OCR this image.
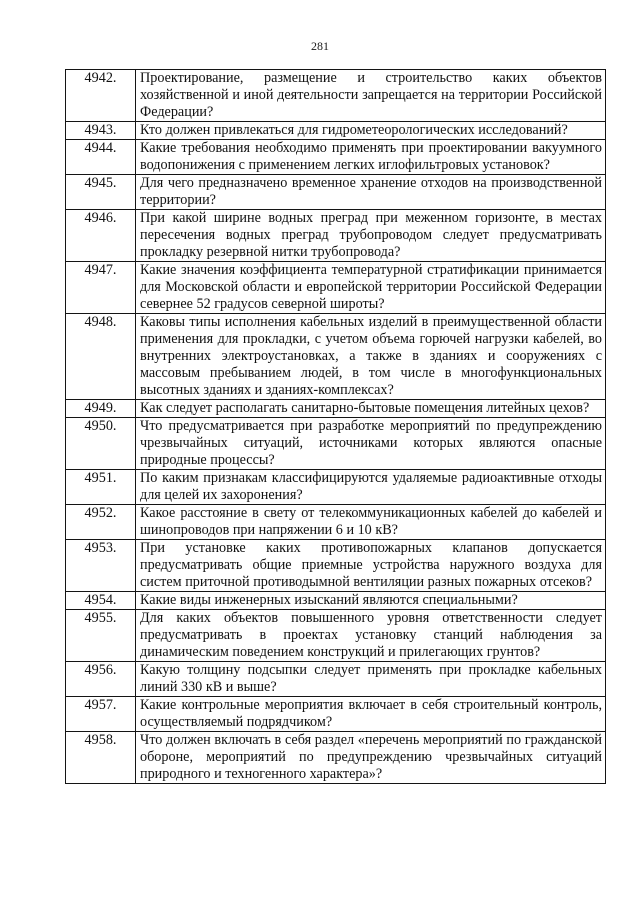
281
4942.	Проектирование, размещение и строительство каких объектов хозяйственной и иной деятельности запрещается на территории Российской Федерации?
4943.	Кто должен привлекаться для гидрометеорологических исследований?
4944.	Какие требования необходимо применять при проектировании вакуумного водопонижения с применением легких иглофильтровых установок?
4945.	Для чего предназначено временное хранение отходов на производственной территории?
4946.	При какой ширине водных преград при меженном горизонте, в местах пересечения водных преград трубопроводом следует предусматривать прокладку резервной нитки трубопровода?
4947.	Какие значения коэффициента температурной стратификации принимается для Московской области и европейской территории Российской Федерации севернее 52 градусов северной широты?
4948.	Каковы типы исполнения кабельных изделий в преимущественной области применения для прокладки, с учетом объема горючей нагрузки кабелей, во внутренних электроустановках, а также в зданиях и сооружениях с массовым пребыванием людей, в том числе в многофункциональных высотных зданиях и зданиях-комплексах?
4949.	Как следует располагать санитарно-бытовые помещения литейных цехов?
4950.	Что предусматривается при разработке мероприятий по предупреждению чрезвычайных ситуаций, источниками которых являются опасные природные процессы?
4951.	По каким признакам классифицируются удаляемые радиоактивные отходы для целей их захоронения?
4952.	Какое расстояние в свету от телекоммуникационных кабелей до кабелей и шинопроводов при напряжении 6 и 10 кВ?
4953.	При установке каких противопожарных клапанов допускается предусматривать общие приемные устройства наружного воздуха для систем приточной противодымной вентиляции разных пожарных отсеков?
4954.	Какие виды инженерных изысканий являются специальными?
4955.	Для каких объектов повышенного уровня ответственности следует предусматривать в проектах установку станций наблюдения за динамическим поведением конструкций и прилегающих грунтов?
4956.	Какую толщину подсыпки следует применять при прокладке кабельных линий 330 кВ и выше?
4957.	Какие контрольные мероприятия включает в себя строительный контроль, осуществляемый подрядчиком?
4958.	Что должен включать в себя раздел «перечень мероприятий по гражданской обороне, мероприятий по предупреждению чрезвычайных ситуаций природного и техногенного характера»?
